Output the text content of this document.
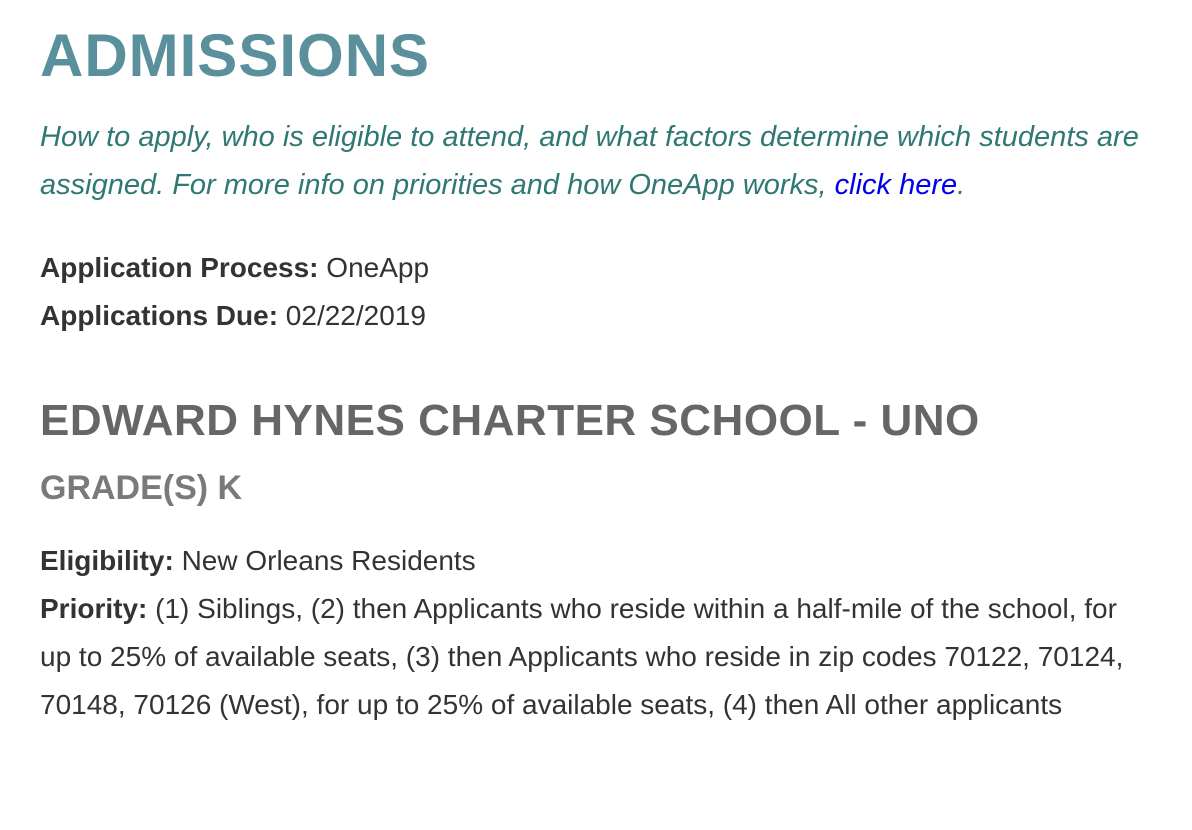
ADMISSIONS

How to apply, who is eligible to attend, and what factors determine which students are assigned. For more info on priorities and how OneApp works, click here.

Application Process: OneApp
Applications Due: 02/22/2019
EDWARD HYNES CHARTER SCHOOL - UNO
GRADE(S) K
Eligibility: New Orleans Residents
Priority: (1) Siblings, (2) then Applicants who reside within a half-mile of the school, for up to 25% of available seats, (3) then Applicants who reside in zip codes 70122, 70124, 70148, 70126 (West), for up to 25% of available seats, (4) then All other applicants
